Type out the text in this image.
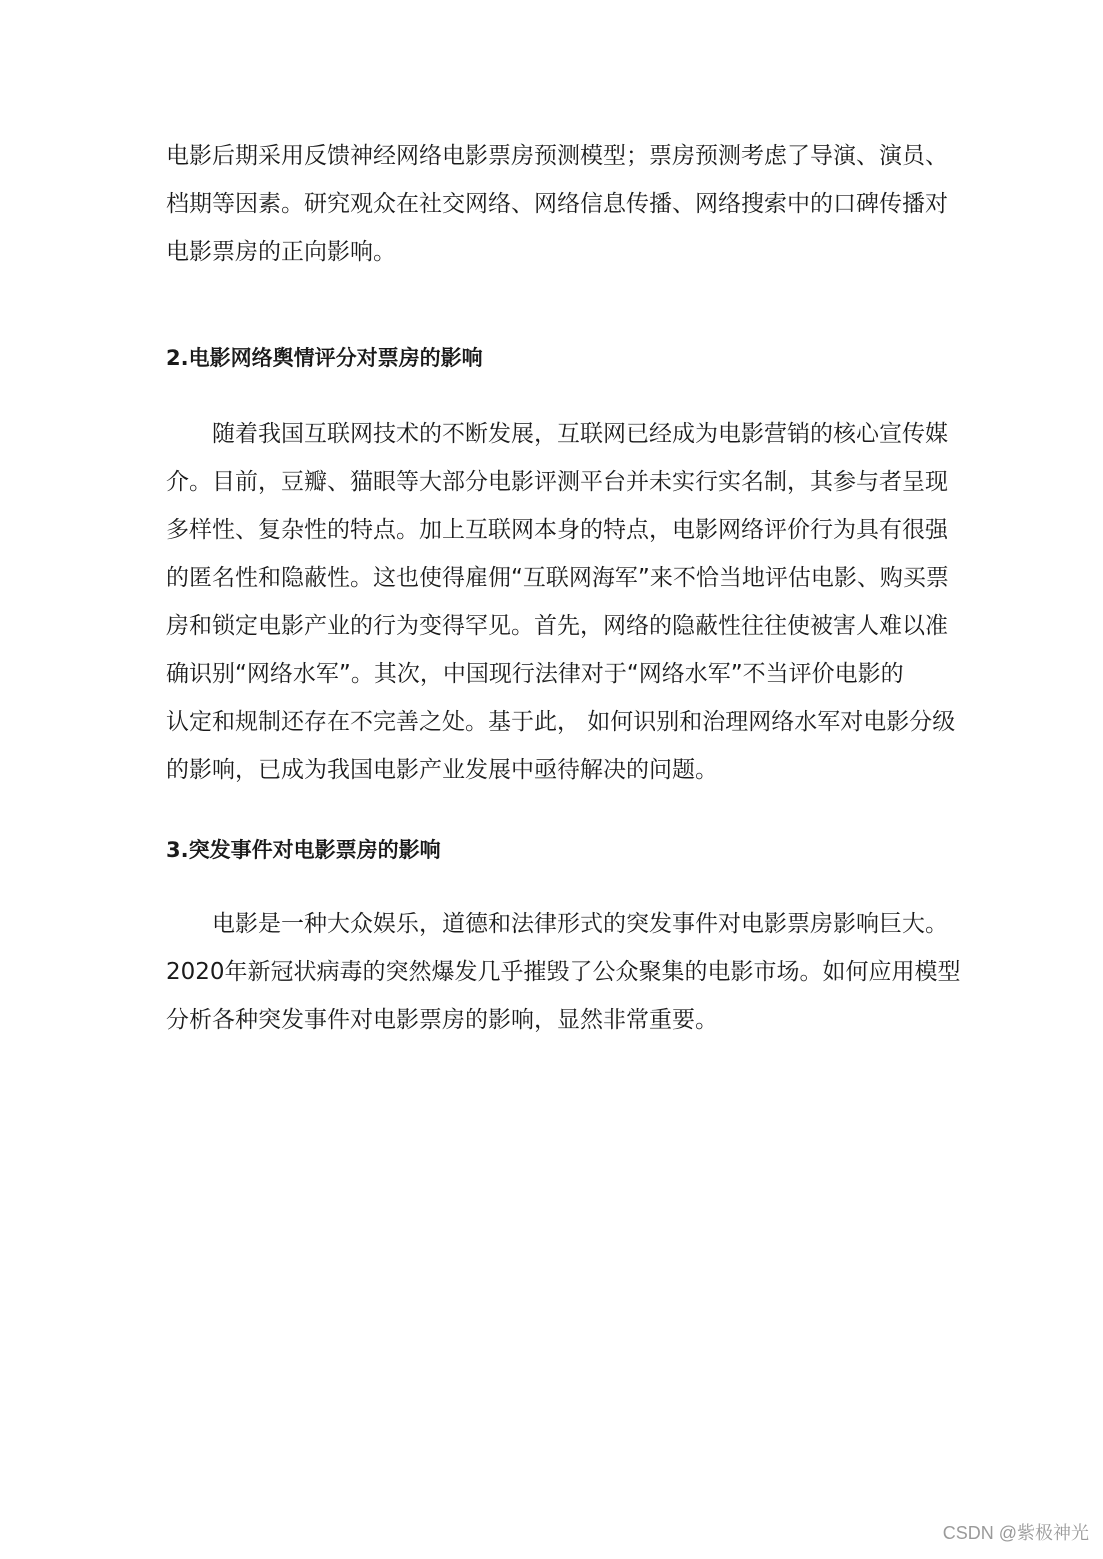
电影后期采用反馈神经网络电影票房预测模型；票房预测考虑了导演、演员、
档期等因素。研究观众在社交网络、网络信息传播、网络搜索中的口碑传播对
电影票房的正向影响。
2.电影网络舆情评分对票房的影响
　　随着我国互联网技术的不断发展，互联网已经成为电影营销的核心宣传媒
介。目前，豆瓣、猫眼等大部分电影评测平台并未实行实名制，其参与者呈现
多样性、复杂性的特点。加上互联网本身的特点，电影网络评价行为具有很强
的匿名性和隐蔽性。这也使得雇佣“互联网海军”来不恰当地评估电影、购买票
房和锁定电影产业的行为变得罕见。首先，网络的隐蔽性往往使被害人难以准
确识别“网络水军”。其次，中国现行法律对于“网络水军”不当评价电影的
认定和规制还存在不完善之处。基于此， 如何识别和治理网络水军对电影分级
的影响，已成为我国电影产业发展中亟待解决的问题。
3.突发事件对电影票房的影响
　　电影是一种大众娱乐，道德和法律形式的突发事件对电影票房影响巨大。
2020年新冠状病毒的突然爆发几乎摧毁了公众聚集的电影市场。如何应用模型
分析各种突发事件对电影票房的影响，显然非常重要。
CSDN @紫极神光
